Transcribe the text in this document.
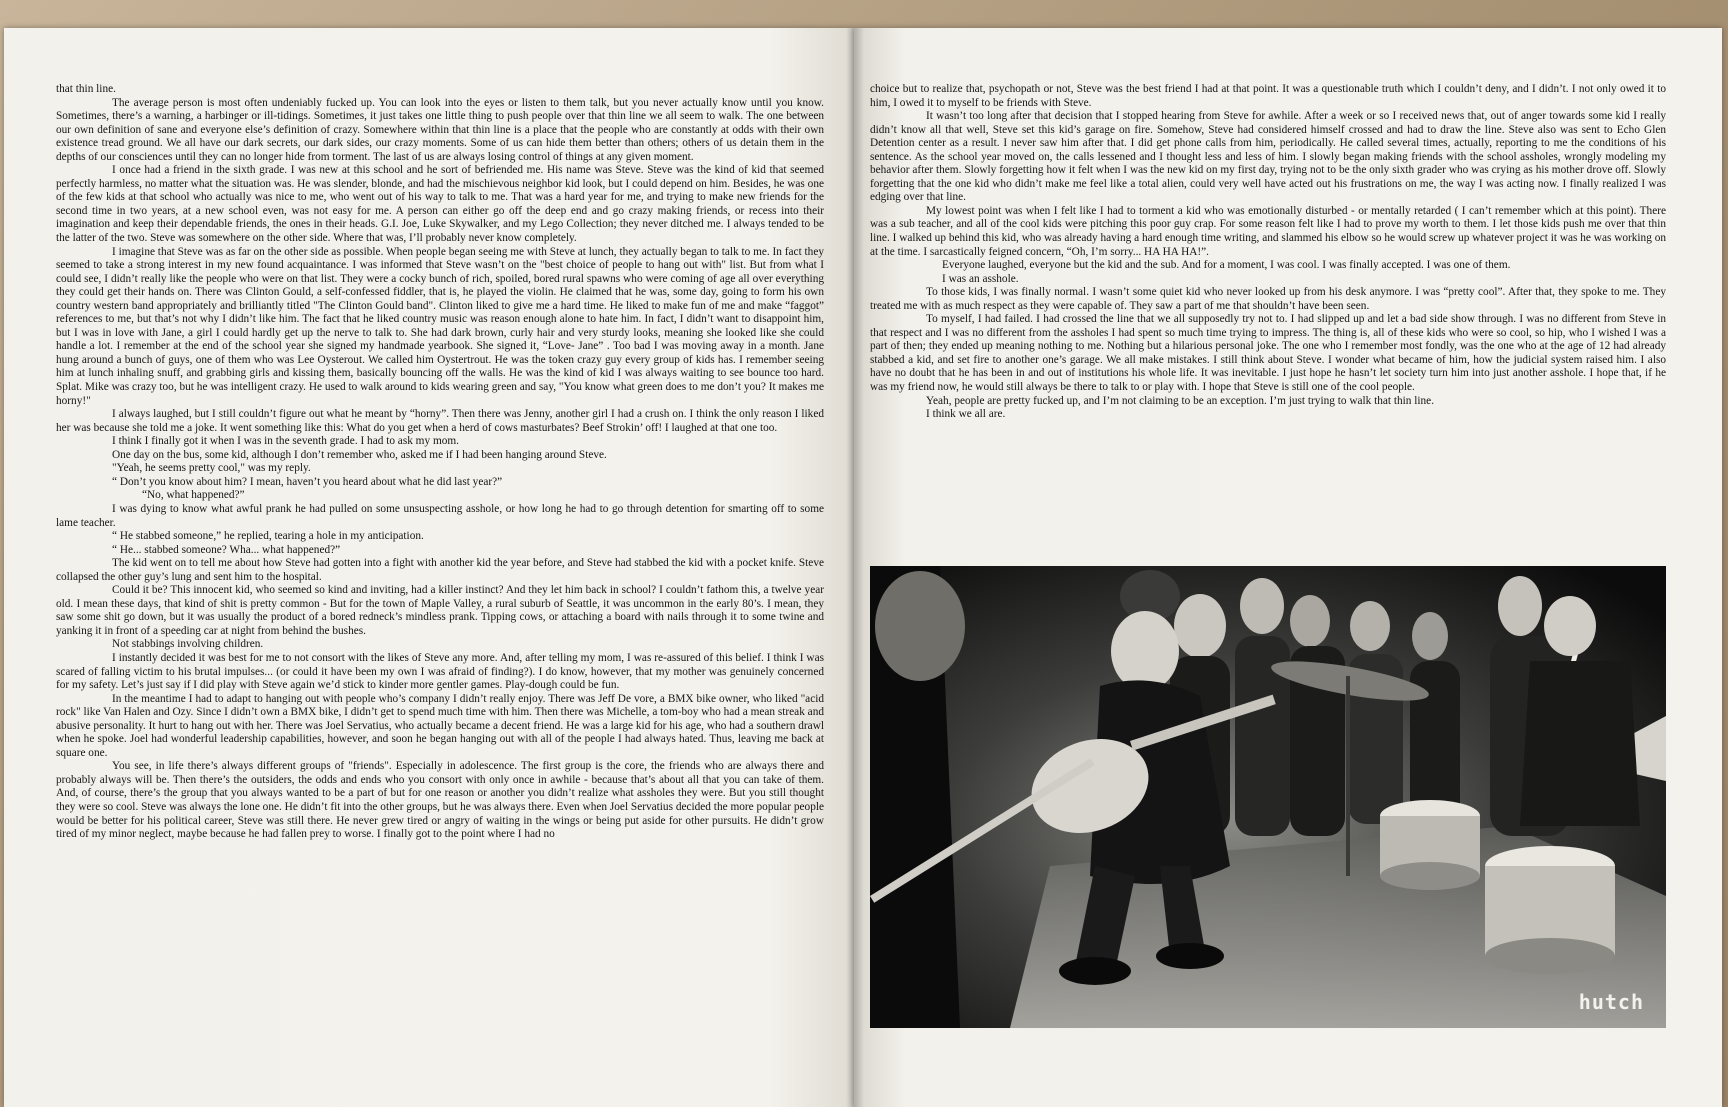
that thin line.

The average person is most often undeniably fucked up. You can look into the eyes or listen to them talk, but you never actually know until you know. Sometimes, there’s a warning, a harbinger or ill-tidings. Sometimes, it just takes one little thing to push people over that thin line we all seem to walk. The one between our own definition of sane and everyone else’s definition of crazy. Somewhere within that thin line is a place that the people who are constantly at odds with their own existence tread ground. We all have our dark secrets, our dark sides, our crazy moments. Some of us can hide them better than others; others of us detain them in the depths of our consciences until they can no longer hide from torment. The last of us are always losing control of things at any given moment.

I once had a friend in the sixth grade. I was new at this school and he sort of befriended me. His name was Steve. Steve was the kind of kid that seemed perfectly harmless, no matter what the situation was. He was slender, blonde, and had the mischievous neighbor kid look, but I could depend on him. Besides, he was one of the few kids at that school who actually was nice to me, who went out of his way to talk to me. That was a hard year for me, and trying to make new friends for the second time in two years, at a new school even, was not easy for me. A person can either go off the deep end and go crazy making friends, or recess into their imagination and keep their dependable friends, the ones in their heads. G.I. Joe, Luke Skywalker, and my Lego Collection; they never ditched me. I always tended to be the latter of the two. Steve was somewhere on the other side. Where that was, I’ll probably never know completely.

I imagine that Steve was as far on the other side as possible. When people began seeing me with Steve at lunch, they actually began to talk to me. In fact they seemed to take a strong interest in my new found acquaintance. I was informed that Steve wasn’t on the "best choice of people to hang out with" list. But from what I could see, I didn’t really like the people who were on that list. They were a cocky bunch of rich, spoiled, bored rural spawns who were coming of age all over everything they could get their hands on. There was Clinton Gould, a self-confessed fiddler, that is, he played the violin. He claimed that he was, some day, going to form his own country western band appropriately and brilliantly titled "The Clinton Gould band". Clinton liked to give me a hard time. He liked to make fun of me and make “faggot” references to me, but that’s not why I didn’t like him. The fact that he liked country music was reason enough alone to hate him. In fact, I didn’t want to disappoint him, but I was in love with Jane, a girl I could hardly get up the nerve to talk to. She had dark brown, curly hair and very sturdy looks, meaning she looked like she could handle a lot. I remember at the end of the school year she signed my handmade yearbook. She signed it, “Love- Jane” . Too bad I was moving away in a month. Jane hung around a bunch of guys, one of them who was Lee Oysterout. We called him Oystertrout. He was the token crazy guy every group of kids has. I remember seeing him at lunch inhaling snuff, and grabbing girls and kissing them, basically bouncing off the walls. He was the kind of kid I was always waiting to see bounce too hard. Splat. Mike was crazy too, but he was intelligent crazy. He used to walk around to kids wearing green and say, "You know what green does to me don’t you? It makes me horny!"

I always laughed, but I still couldn’t figure out what he meant by “horny”. Then there was Jenny, another girl I had a crush on. I think the only reason I liked her was because she told me a joke. It went something like this: What do you get when a herd of cows masturbates? Beef Strokin’ off! I laughed at that one too.

I think I finally got it when I was in the seventh grade. I had to ask my mom.

One day on the bus, some kid, although I don’t remember who, asked me if I had been hanging around Steve.

"Yeah, he seems pretty cool," was my reply.

“ Don’t you know about him? I mean, haven’t you heard about what he did last year?”

“No, what happened?”

I was dying to know what awful prank he had pulled on some unsuspecting asshole, or how long he had to go through detention for smarting off to some lame teacher.

“ He stabbed someone,” he replied, tearing a hole in my anticipation.

“ He... stabbed someone? Wha... what happened?”

The kid went on to tell me about how Steve had gotten into a fight with another kid the year before, and Steve had stabbed the kid with a pocket knife. Steve collapsed the other guy’s lung and sent him to the hospital.

Could it be? This innocent kid, who seemed so kind and inviting, had a killer instinct? And they let him back in school? I couldn’t fathom this, a twelve year old. I mean these days, that kind of shit is pretty common - But for the town of Maple Valley, a rural suburb of Seattle, it was uncommon in the early 80’s. I mean, they saw some shit go down, but it was usually the product of a bored redneck’s mindless prank. Tipping cows, or attaching a board with nails through it to some twine and yanking it in front of a speeding car at night from behind the bushes.

Not stabbings involving children.

I instantly decided it was best for me to not consort with the likes of Steve any more. And, after telling my mom, I was re-assured of this belief. I think I was scared of falling victim to his brutal impulses... (or could it have been my own I was afraid of finding?). I do know, however, that my mother was genuinely concerned for my safety. Let’s just say if I did play with Steve again we’d stick to kinder more gentler games. Play-dough could be fun.

In the meantime I had to adapt to hanging out with people who’s company I didn’t really enjoy. There was Jeff De vore, a BMX bike owner, who liked "acid rock" like Van Halen and Ozy. Since I didn’t own a BMX bike, I didn’t get to spend much time with him. Then there was Michelle, a tom-boy who had a mean streak and abusive personality. It hurt to hang out with her. There was Joel Servatius, who actually became a decent friend. He was a large kid for his age, who had a southern drawl when he spoke. Joel had wonderful leadership capabilities, however, and soon he began hanging out with all of the people I had always hated. Thus, leaving me back at square one.

You see, in life there’s always different groups of "friends". Especially in adolescence. The first group is the core, the friends who are always there and probably always will be. Then there’s the outsiders, the odds and ends who you consort with only once in awhile - because that’s about all that you can take of them. And, of course, there’s the group that you always wanted to be a part of but for one reason or another you didn’t realize what assholes they were. But you still thought they were so cool. Steve was always the lone one. He didn’t fit into the other groups, but he was always there. Even when Joel Servatius decided the more popular people would be better for his political career, Steve was still there. He never grew tired or angry of waiting in the wings or being put aside for other pursuits. He didn’t grow tired of my minor neglect, maybe because he had fallen prey to worse. I finally got to the point where I had no

choice but to realize that, psychopath or not, Steve was the best friend I had at that point. It was a questionable truth which I couldn’t deny, and I didn’t. I not only owed it to him, I owed it to myself to be friends with Steve.

It wasn’t too long after that decision that I stopped hearing from Steve for awhile. After a week or so I received news that, out of anger towards some kid I really didn’t know all that well, Steve set this kid’s garage on fire. Somehow, Steve had considered himself crossed and had to draw the line. Steve also was sent to Echo Glen Detention center as a result. I never saw him after that. I did get phone calls from him, periodically. He called several times, actually, reporting to me the conditions of his sentence. As the school year moved on, the calls lessened and I thought less and less of him. I slowly began making friends with the school assholes, wrongly modeling my behavior after them. Slowly forgetting how it felt when I was the new kid on my first day, trying not to be the only sixth grader who was crying as his mother drove off. Slowly forgetting that the one kid who didn’t make me feel like a total alien, could very well have acted out his frustrations on me, the way I was acting now. I finally realized I was edging over that line.

My lowest point was when I felt like I had to torment a kid who was emotionally disturbed - or mentally retarded ( I can’t remember which at this point). There was a sub teacher, and all of the cool kids were pitching this poor guy crap. For some reason felt like I had to prove my worth to them. I let those kids push me over that thin line. I walked up behind this kid, who was already having a hard enough time writing, and slammed his elbow so he would screw up whatever project it was he was working on at the time. I sarcastically feigned concern, “Oh, I’m sorry... HA HA HA!”.

Everyone laughed, everyone but the kid and the sub. And for a moment, I was cool. I was finally accepted. I was one of them.

I was an asshole.

To those kids, I was finally normal. I wasn’t some quiet kid who never looked up from his desk anymore. I was “pretty cool”. After that, they spoke to me. They treated me with as much respect as they were capable of. They saw a part of me that shouldn’t have been seen.

To myself, I had failed. I had crossed the line that we all supposedly try not to. I had slipped up and let a bad side show through. I was no different from Steve in that respect and I was no different from the assholes I had spent so much time trying to impress. The thing is, all of these kids who were so cool, so hip, who I wished I was a part of then; they ended up meaning nothing to me. Nothing but a hilarious personal joke. The one who I remember most fondly, was the one who at the age of 12 had already stabbed a kid, and set fire to another one’s garage. We all make mistakes. I still think about Steve. I wonder what became of him, how the judicial system raised him. I also have no doubt that he has been in and out of institutions his whole life. It was inevitable. I just hope he hasn’t let society turn him into just another asshole. I hope that, if he was my friend now, he would still always be there to talk to or play with. I hope that Steve is still one of the cool people.

Yeah, people are pretty fucked up, and I’m not claiming to be an exception. I’m just trying to walk that thin line.

I think we all are.

hutch
